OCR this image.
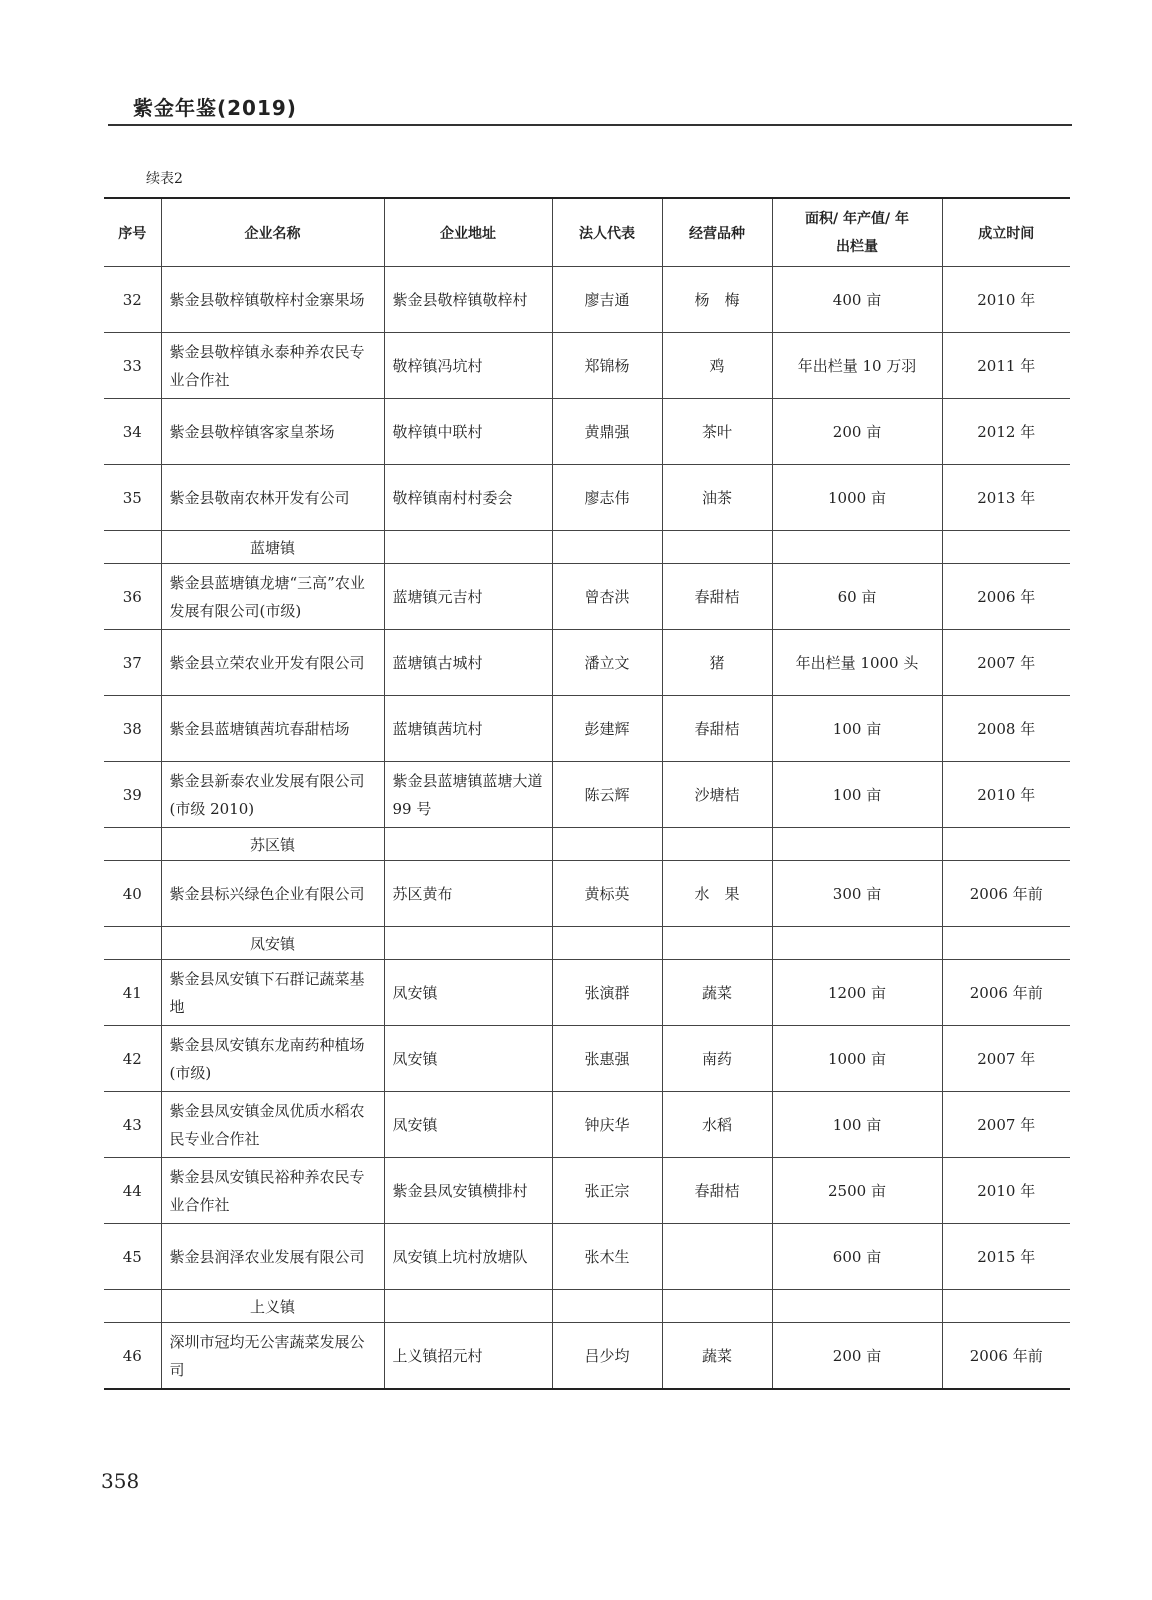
紫金年鉴(2019)
续表2
序号	企业名称	企业地址	法人代表	经营品种	面积/ 年产值/ 年出栏量	成立时间
32	紫金县敬梓镇敬梓村金寨果场	紫金县敬梓镇敬梓村	廖吉通	杨　梅	400 亩	2010 年
33	紫金县敬梓镇永泰种养农民专业合作社	敬梓镇冯坑村	郑锦杨	鸡	年出栏量 10 万羽	2011 年
34	紫金县敬梓镇客家皇茶场	敬梓镇中联村	黄鼎强	茶叶	200 亩	2012 年
35	紫金县敬南农林开发有公司	敬梓镇南村村委会	廖志伟	油茶	1000 亩	2013 年
	蓝塘镇					
36	紫金县蓝塘镇龙塘“三高”农业发展有限公司(市级)	蓝塘镇元吉村	曾杏洪	春甜桔	60 亩	2006 年
37	紫金县立荣农业开发有限公司	蓝塘镇古城村	潘立文	猪	年出栏量 1000 头	2007 年
38	紫金县蓝塘镇茜坑春甜桔场	蓝塘镇茜坑村	彭建辉	春甜桔	100 亩	2008 年
39	紫金县新泰农业发展有限公司(市级 2010)	紫金县蓝塘镇蓝塘大道 99 号	陈云辉	沙塘桔	100 亩	2010 年
	苏区镇					
40	紫金县标兴绿色企业有限公司	苏区黄布	黄标英	水　果	300 亩	2006 年前
	凤安镇					
41	紫金县凤安镇下石群记蔬菜基地	凤安镇	张演群	蔬菜	1200 亩	2006 年前
42	紫金县凤安镇东龙南药种植场(市级)	凤安镇	张惠强	南药	1000 亩	2007 年
43	紫金县凤安镇金凤优质水稻农民专业合作社	凤安镇	钟庆华	水稻	100 亩	2007 年
44	紫金县凤安镇民裕种养农民专业合作社	紫金县凤安镇横排村	张正宗	春甜桔	2500 亩	2010 年
45	紫金县润泽农业发展有限公司	凤安镇上坑村放塘队	张木生		600 亩	2015 年
	上义镇					
46	深圳市冠均无公害蔬菜发展公司	上义镇招元村	吕少均	蔬菜	200 亩	2006 年前
358
